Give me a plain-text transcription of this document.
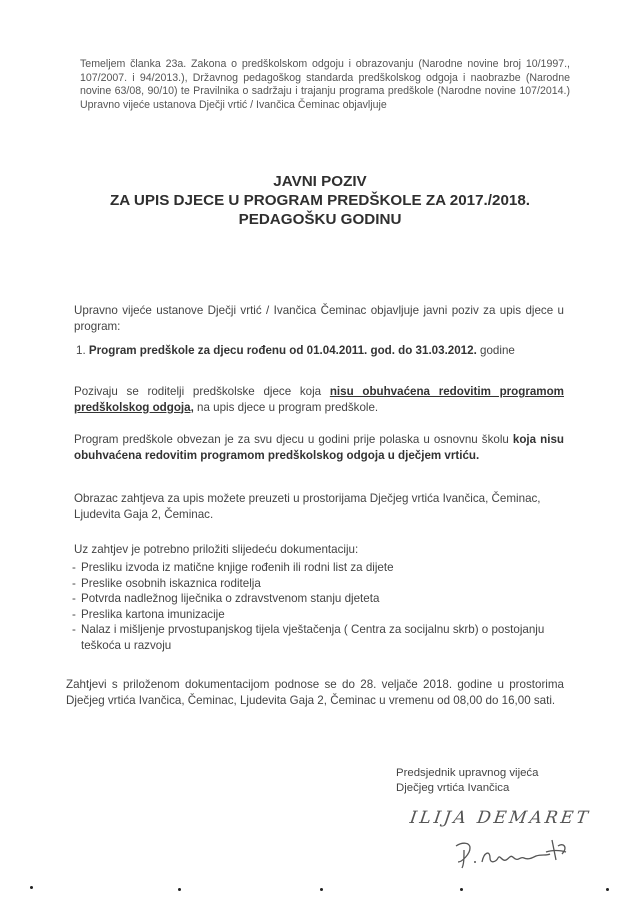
Temeljem članka 23a. Zakona o predškolskom odgoju i obrazovanju (Narodne novine broj 10/1997., 107/2007. i 94/2013.), Državnog pedagoškog standarda predškolskog odgoja i naobrazbe (Narodne novine 63/08, 90/10) te Pravilnika o sadržaju i trajanju programa predškole (Narodne novine 107/2014.) Upravno vijeće ustanova Dječji vrtić / Ivančica Čeminac objavljuje
JAVNI POZIV
ZA UPIS DJECE U PROGRAM PREDŠKOLE ZA 2017./2018.
PEDAGOŠKU GODINU
Upravno vijeće ustanove Dječji vrtić / Ivančica Čeminac objavljuje javni poziv za upis djece u program:
1. Program predškole za djecu rođenu od 01.04.2011. god. do 31.03.2012. godine
Pozivaju se roditelji predškolske djece koja nisu obuhvaćena redovitim programom predškolskog odgoja, na upis djece u program predškole.
Program predškole obvezan je za svu djecu u godini prije polaska u osnovnu školu koja nisu obuhvaćena redovitim programom predškolskog odgoja u dječjem vrtiću.
Obrazac zahtjeva za upis možete preuzeti u prostorijama Dječjeg vrtića Ivančica, Čeminac, Ljudevita Gaja 2, Čeminac.
Uz zahtjev je potrebno priložiti slijedeću dokumentaciju:
- Presliku izvoda iz matične knjige rođenih ili rodni list za dijete
- Preslike osobnih iskaznica roditelja
- Potvrda nadležnog liječnika o zdravstvenom stanju djeteta
- Preslika kartona imunizacije
- Nalaz i mišljenje prvostupanjskog tijela vještačenja ( Centra za socijalnu skrb) o postojanju teškoća u razvoju
Zahtjevi s priloženom dokumentacijom podnose se do 28. veljače 2018. godine u prostorima Dječjeg vrtića Ivančica, Čeminac, Ljudevita Gaja 2, Čeminac u vremenu od 08,00 do 16,00 sati.
Predsjednik upravnog vijeća
Dječjeg vrtića Ivančica
ILIJA DEMARET
